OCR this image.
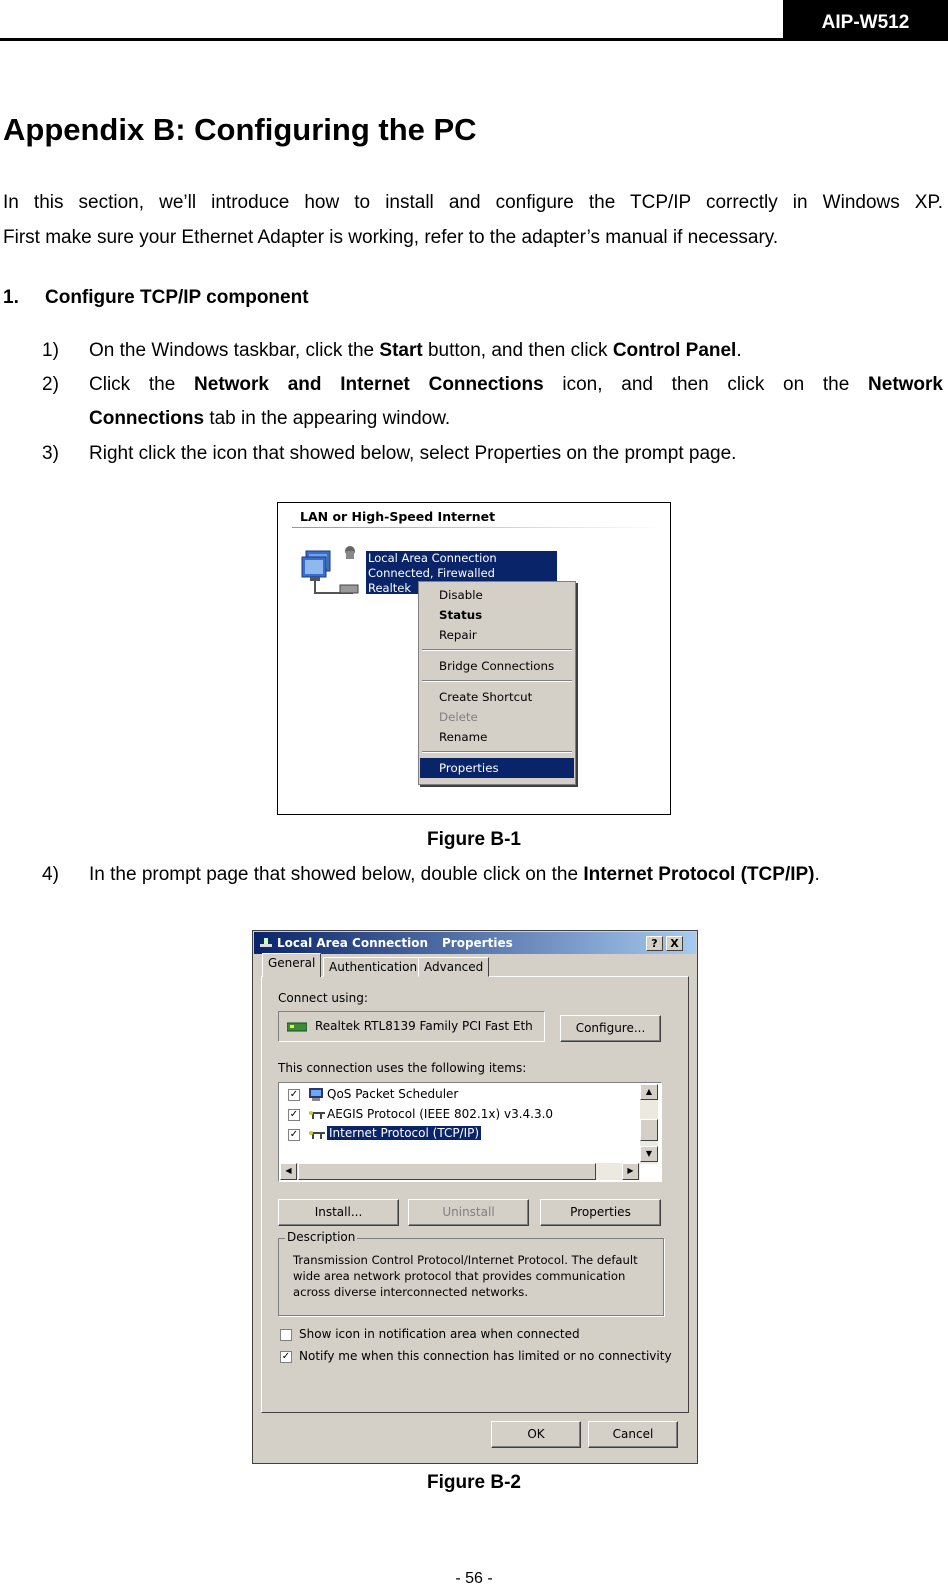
AIP-W512
Appendix B: Configuring the PC
In this section, we’ll introduce how to install and configure the TCP/IP correctly in Windows XP.
First make sure your Ethernet Adapter is working, refer to the adapter’s manual if necessary.
1. Configure TCP/IP component
1) On the Windows taskbar, click the Start button, and then click Control Panel.
2) Click the Network and Internet Connections icon, and then click on the Network
Connections tab in the appearing window.
3) Right click the icon that showed below, select Properties on the prompt page.
LAN or High-Speed Internet
Local Area Connection
Connected, Firewalled
Realtek	Disable
Status
Repair
Bridge Connections
Create Shortcut
Delete
Rename
Properties
Figure B-1
4) In the prompt page that showed below, double click on the Internet Protocol (TCP/IP).
Local Area Connection Properties	?	X
General	Authentication Advanced
Connect using:
Realtek RTL8139 Family PCI Fast Eth	Configure...
This connection uses the following items:
✓ QoS Packet Scheduler
✓ AEGIS Protocol (IEEE 802.1x) v3.4.3.0
✓	Internet Protocol (TCP/IP)
▲
▼
◀	▶
Install...	Uninstall	Properties
Description
Transmission Control Protocol/Internet Protocol. The default wide area network protocol that provides communication across diverse interconnected networks.
Show icon in notification area when connected
✓ Notify me when this connection has limited or no connectivity
OK	Cancel
Figure B-2
- 56 -
